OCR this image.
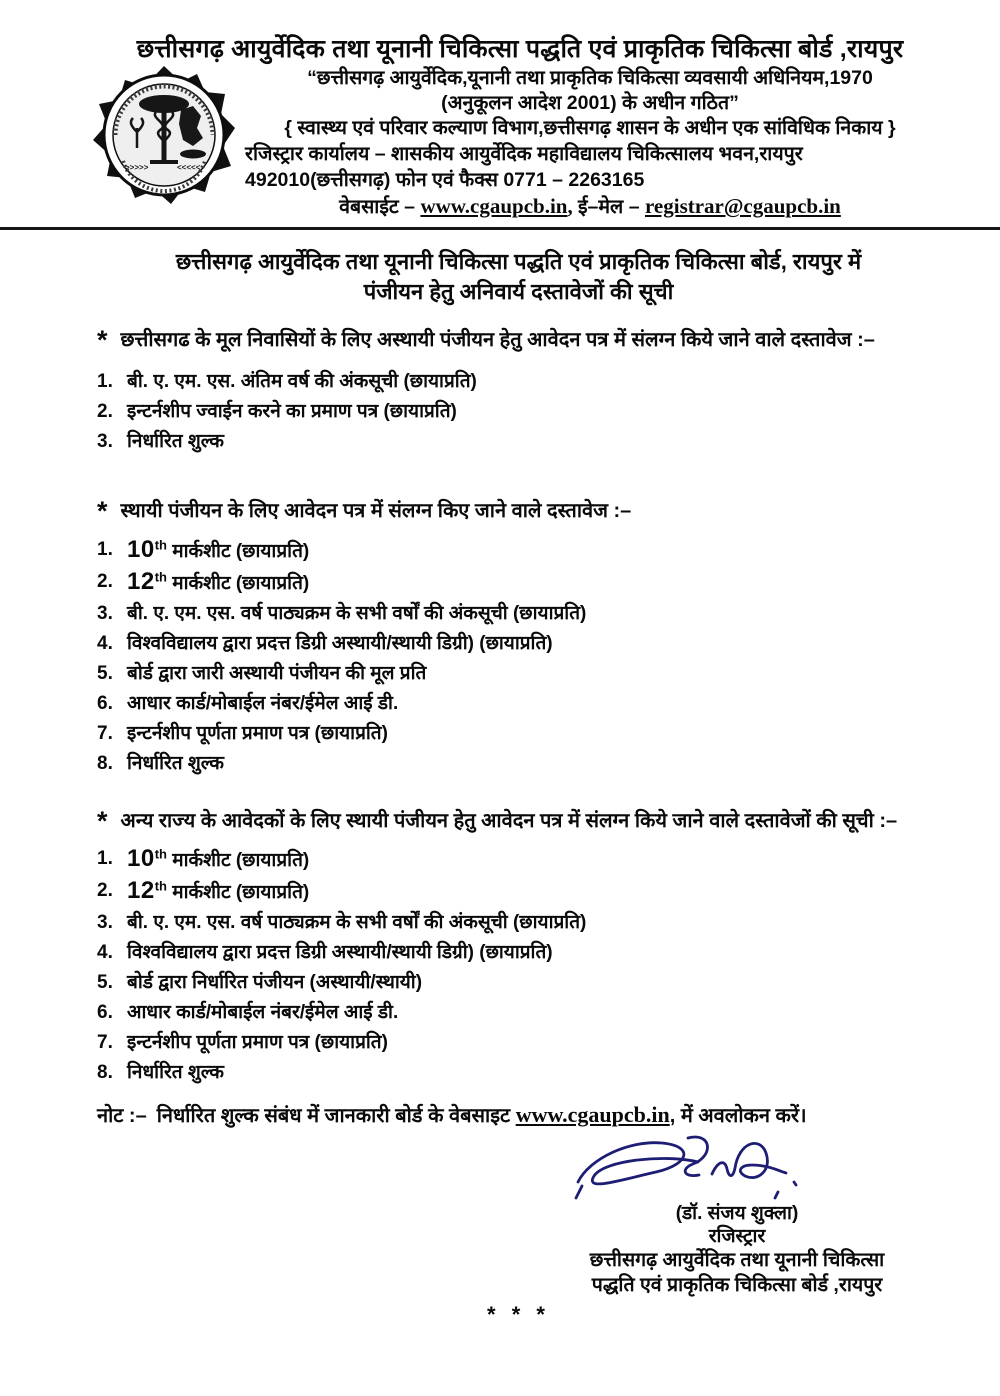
छत्तीसगढ़ आयुर्वेदिक तथा यूनानी चिकित्सा पद्धति एवं प्राकृतिक चिकित्सा बोर्ड ,रायपुर
>>>>>	<<<<<
“छत्तीसगढ़ आयुर्वेदिक,यूनानी तथा प्राकृतिक चिकित्सा व्यवसायी अधिनियम,1970
(अनुकूलन आदेश 2001) के अधीन गठित”
{ स्वास्थ्य एवं परिवार कल्याण विभाग,छत्तीसगढ़ शासन के अधीन एक सांविधिक निकाय }
रजिस्ट्रार कार्यालय – शासकीय आयुर्वेदिक महाविद्यालय चिकित्सालय भवन,रायपुर
492010(छत्तीसगढ़) फोन एवं फैक्स 0771 – 2263165
वेबसाईट – www.cgaupcb.in, ई–मेल – registrar@cgaupcb.in
छत्तीसगढ़ आयुर्वेदिक तथा यूनानी चिकित्सा पद्धति एवं प्राकृतिक चिकित्सा बोर्ड, रायपुर में
पंजीयन हेतु अनिवार्य दस्तावेजों की सूची
* छत्तीसगढ के मूल निवासियों के लिए अस्थायी पंजीयन हेतु आवेदन पत्र में संलग्न किये जाने वाले दस्तावेज :–
1. बी. ए. एम. एस. अंतिम वर्ष की अंकसूची (छायाप्रति)
2. इन्टर्नशीप ज्वाईन करने का प्रमाण पत्र (छायाप्रति)
3. निर्धारित शुल्क
* स्थायी पंजीयन के लिए आवेदन पत्र में संलग्न किए जाने वाले दस्तावेज :–
1. 10th मार्कशीट (छायाप्रति)
2. 12th मार्कशीट (छायाप्रति)
3. बी. ए. एम. एस. वर्ष पाठ्यक्रम के सभी वर्षों की अंकसूची (छायाप्रति)
4. विश्वविद्यालय द्वारा प्रदत्त डिग्री अस्थायी/स्थायी डिग्री) (छायाप्रति)
5. बोर्ड द्वारा जारी अस्थायी पंजीयन की मूल प्रति
6. आधार कार्ड/मोबाईल नंबर/ईमेल आई डी.
7. इन्टर्नशीप पूर्णता प्रमाण पत्र (छायाप्रति)
8. निर्धारित शुल्क
* अन्य राज्य के आवेदकों के लिए स्थायी पंजीयन हेतु आवेदन पत्र में संलग्न किये जाने वाले दस्तावेजों की सूची :–
1. 10th मार्कशीट (छायाप्रति)
2. 12th मार्कशीट (छायाप्रति)
3. बी. ए. एम. एस. वर्ष पाठ्यक्रम के सभी वर्षों की अंकसूची (छायाप्रति)
4. विश्वविद्यालय द्वारा प्रदत्त डिग्री अस्थायी/स्थायी डिग्री) (छायाप्रति)
5. बोर्ड द्वारा निर्धारित पंजीयन (अस्थायी/स्थायी)
6. आधार कार्ड/मोबाईल नंबर/ईमेल आई डी.
7. इन्टर्नशीप पूर्णता प्रमाण पत्र (छायाप्रति)
8. निर्धारित शुल्क
नोट :– निर्धारित शुल्क संबंध में जानकारी बोर्ड के वेबसाइट www.cgaupcb.in, में अवलोकन करें।
(डॉ. संजय शुक्ला)
रजिस्ट्रार
छत्तीसगढ़ आयुर्वेदिक तथा यूनानी चिकित्सा
पद्धति एवं प्राकृतिक चिकित्सा बोर्ड ,रायपुर
* * *
